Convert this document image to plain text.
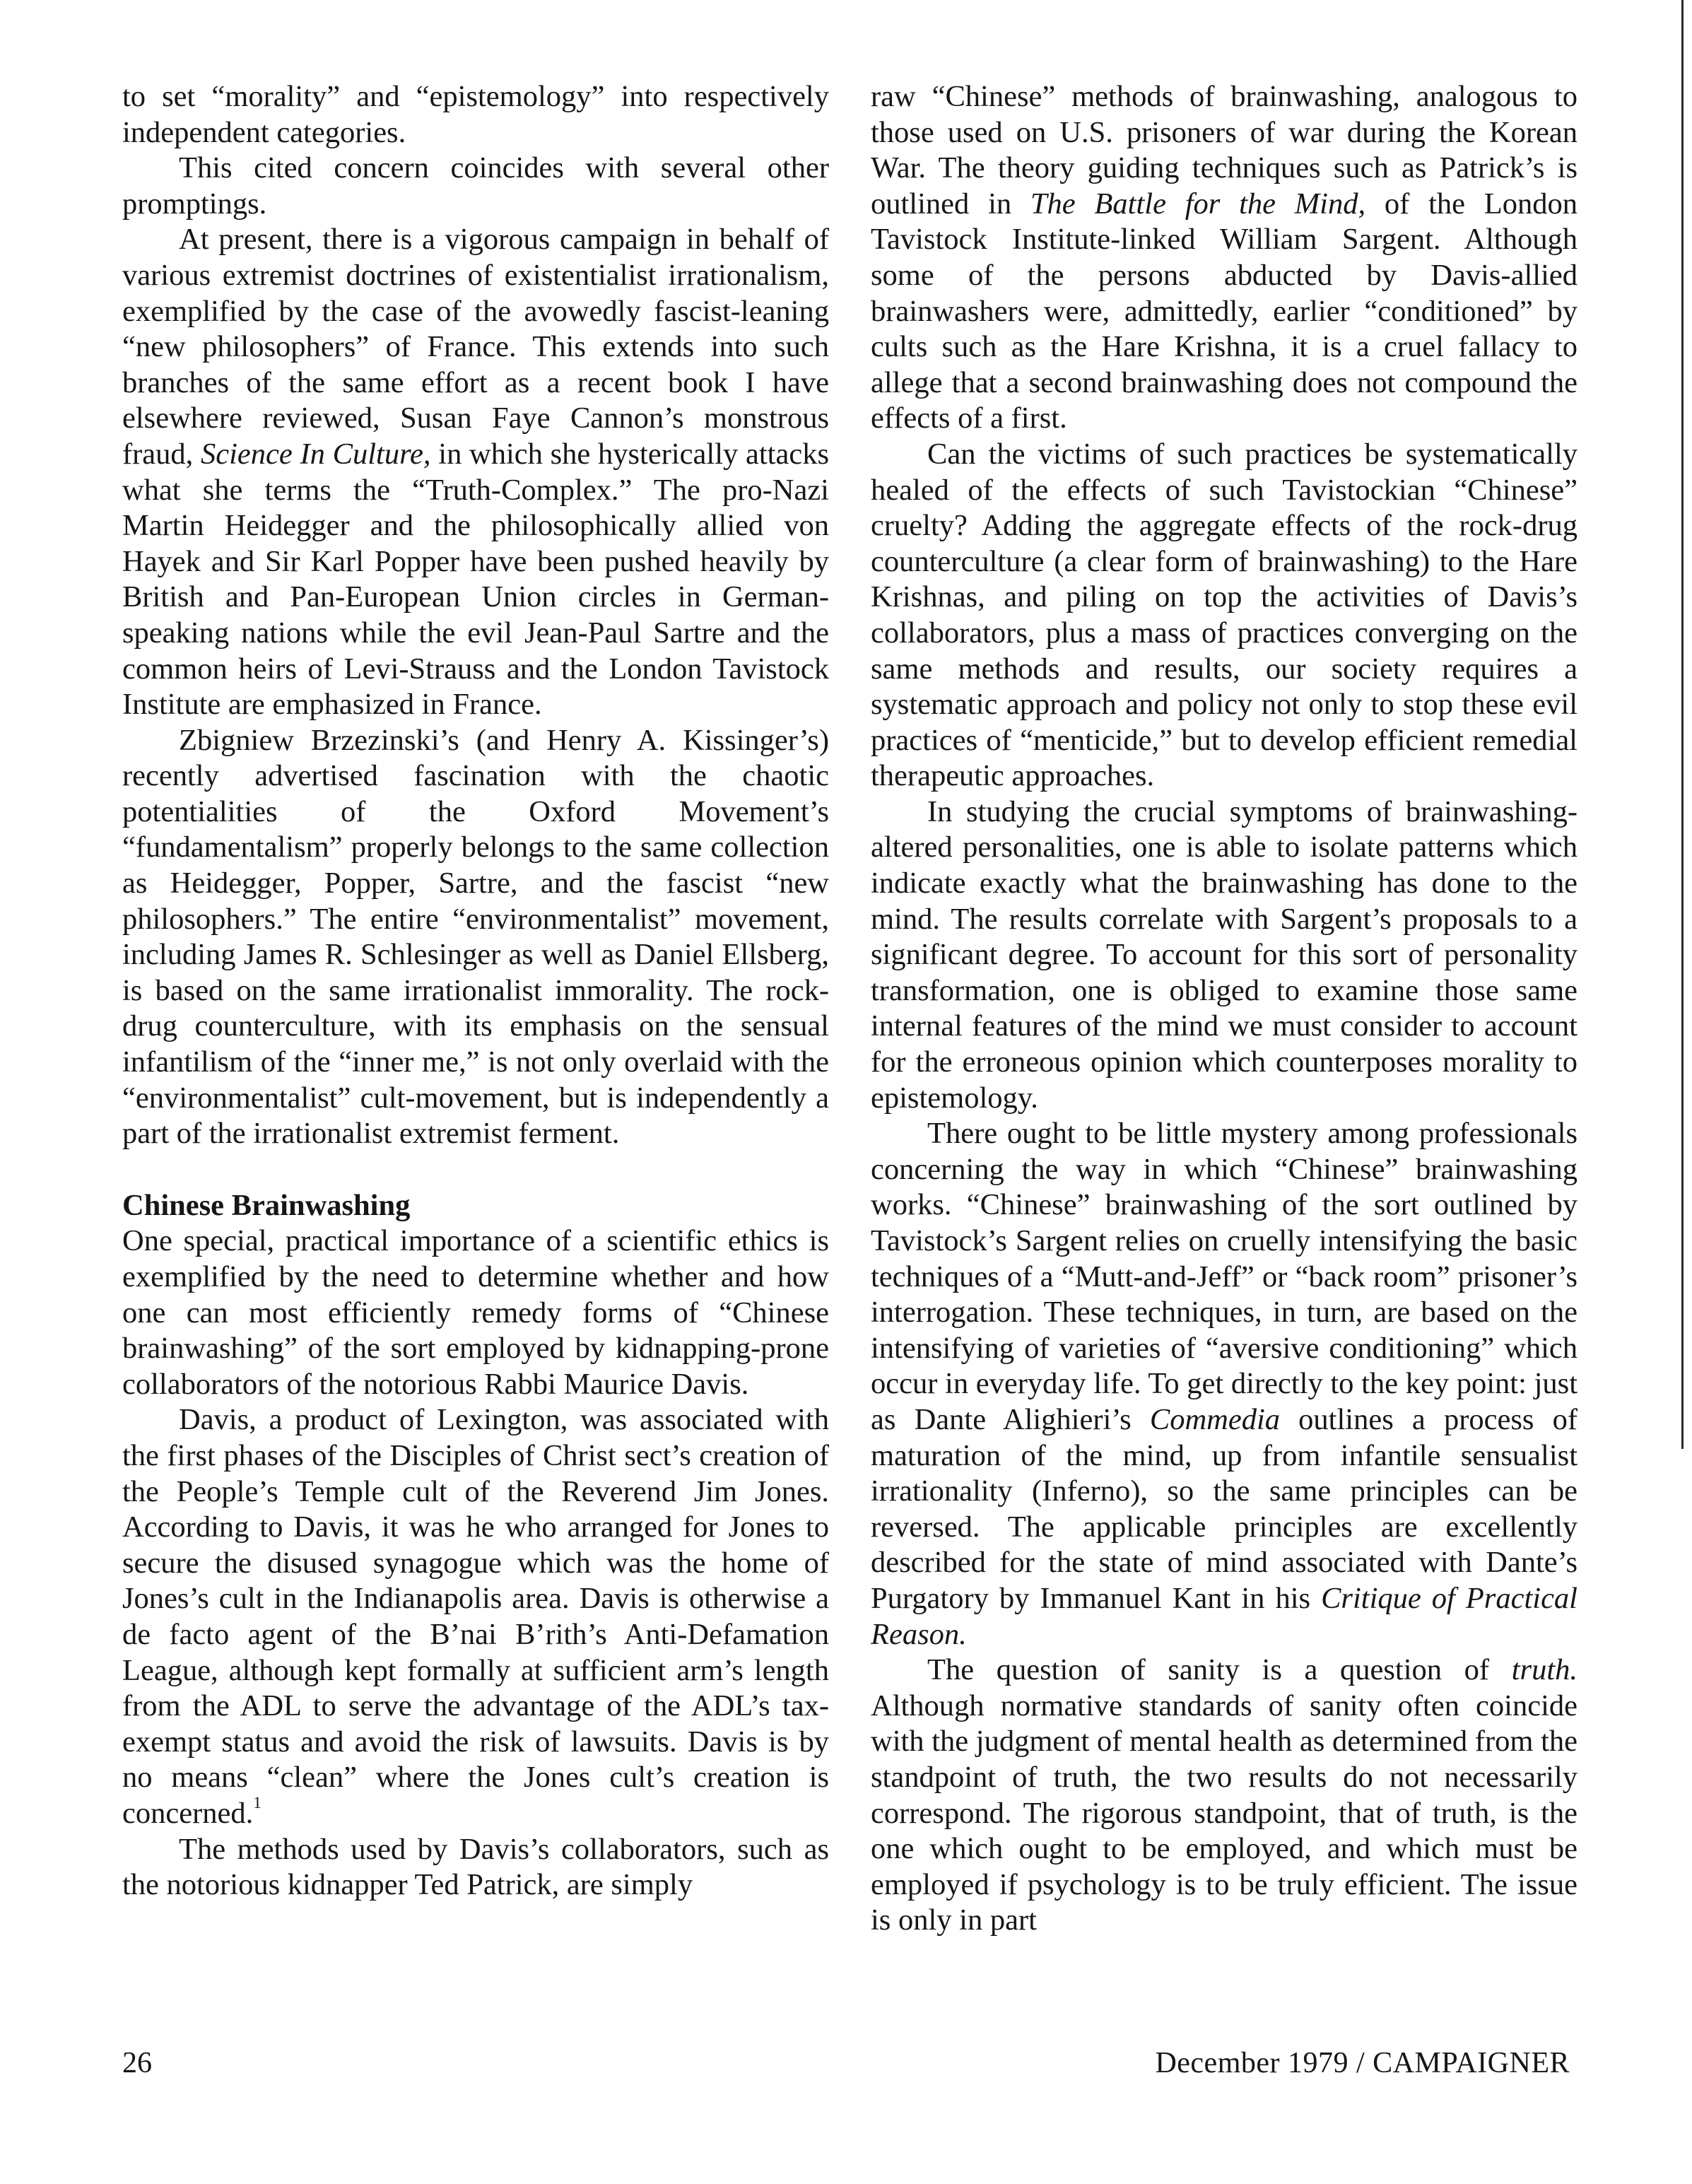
to set “morality” and “epistemology” into respectively independent categories.

This cited concern coincides with several other promptings.

At present, there is a vigorous campaign in behalf of various extremist doctrines of existentialist irrationalism, exemplified by the case of the avowedly fascist-leaning “new philosophers” of France. This extends into such branches of the same effort as a recent book I have elsewhere reviewed, Susan Faye Cannon’s monstrous fraud, Science In Culture, in which she hysterically attacks what she terms the “Truth-Complex.” The pro-Nazi Martin Heidegger and the philosophically allied von Hayek and Sir Karl Popper have been pushed heavily by British and Pan-European Union circles in German-speaking nations while the evil Jean-Paul Sartre and the common heirs of Levi-Strauss and the London Tavistock Institute are emphasized in France.

Zbigniew Brzezinski’s (and Henry A. Kissinger’s) recently advertised fascination with the chaotic potentialities of the Oxford Movement’s “fundamentalism” properly belongs to the same collection as Heidegger, Popper, Sartre, and the fascist “new philosophers.” The entire “environmentalist” movement, including James R. Schlesinger as well as Daniel Ellsberg, is based on the same irrationalist immorality. The rock-drug counterculture, with its emphasis on the sensual infantilism of the “inner me,” is not only overlaid with the “environmentalist” cult-movement, but is independently a part of the irrationalist extremist ferment.

Chinese Brainwashing

One special, practical importance of a scientific ethics is exemplified by the need to determine whether and how one can most efficiently remedy forms of “Chinese brainwashing” of the sort employed by kidnapping-prone collaborators of the notorious Rabbi Maurice Davis.

Davis, a product of Lexington, was associated with the first phases of the Disciples of Christ sect’s creation of the People’s Temple cult of the Reverend Jim Jones. According to Davis, it was he who arranged for Jones to secure the disused synagogue which was the home of Jones’s cult in the Indianapolis area. Davis is otherwise a de facto agent of the B’nai B’rith’s Anti-Defamation League, although kept formally at sufficient arm’s length from the ADL to serve the advantage of the ADL’s tax-exempt status and avoid the risk of lawsuits. Davis is by no means “clean” where the Jones cult’s creation is concerned.$^1$

The methods used by Davis’s collaborators, such as the notorious kidnapper Ted Patrick, are simply

raw “Chinese” methods of brainwashing, analogous to those used on U.S. prisoners of war during the Korean War. The theory guiding techniques such as Patrick’s is outlined in The Battle for the Mind, of the London Tavistock Institute-linked William Sargent. Although some of the persons abducted by Davis-allied brainwashers were, admittedly, earlier “conditioned” by cults such as the Hare Krishna, it is a cruel fallacy to allege that a second brainwashing does not compound the effects of a first.

Can the victims of such practices be systematically healed of the effects of such Tavistockian “Chinese” cruelty? Adding the aggregate effects of the rock-drug counterculture (a clear form of brainwashing) to the Hare Krishnas, and piling on top the activities of Davis’s collaborators, plus a mass of practices converging on the same methods and results, our society requires a systematic approach and policy not only to stop these evil practices of “menticide,” but to develop efficient remedial therapeutic approaches.

In studying the crucial symptoms of brainwashing-altered personalities, one is able to isolate patterns which indicate exactly what the brainwashing has done to the mind. The results correlate with Sargent’s proposals to a significant degree. To account for this sort of personality transformation, one is obliged to examine those same internal features of the mind we must consider to account for the erroneous opinion which counterposes morality to epistemology.

There ought to be little mystery among professionals concerning the way in which “Chinese” brainwashing works. “Chinese” brainwashing of the sort outlined by Tavistock’s Sargent relies on cruelly intensifying the basic techniques of a “Mutt-and-Jeff” or “back room” prisoner’s interrogation. These techniques, in turn, are based on the intensifying of varieties of “aversive conditioning” which occur in everyday life. To get directly to the key point: just as Dante Alighieri’s Commedia outlines a process of maturation of the mind, up from infantile sensualist irrationality (Inferno), so the same principles can be reversed. The applicable principles are excellently described for the state of mind associated with Dante’s Purgatory by Immanuel Kant in his Critique of Practical Reason.

The question of sanity is a question of truth. Although normative standards of sanity often coincide with the judgment of mental health as determined from the standpoint of truth, the two results do not necessarily correspond. The rigorous standpoint, that of truth, is the one which ought to be employed, and which must be employed if psychology is to be truly efficient. The issue is only in part

26	December 1979 / CAMPAIGNER
